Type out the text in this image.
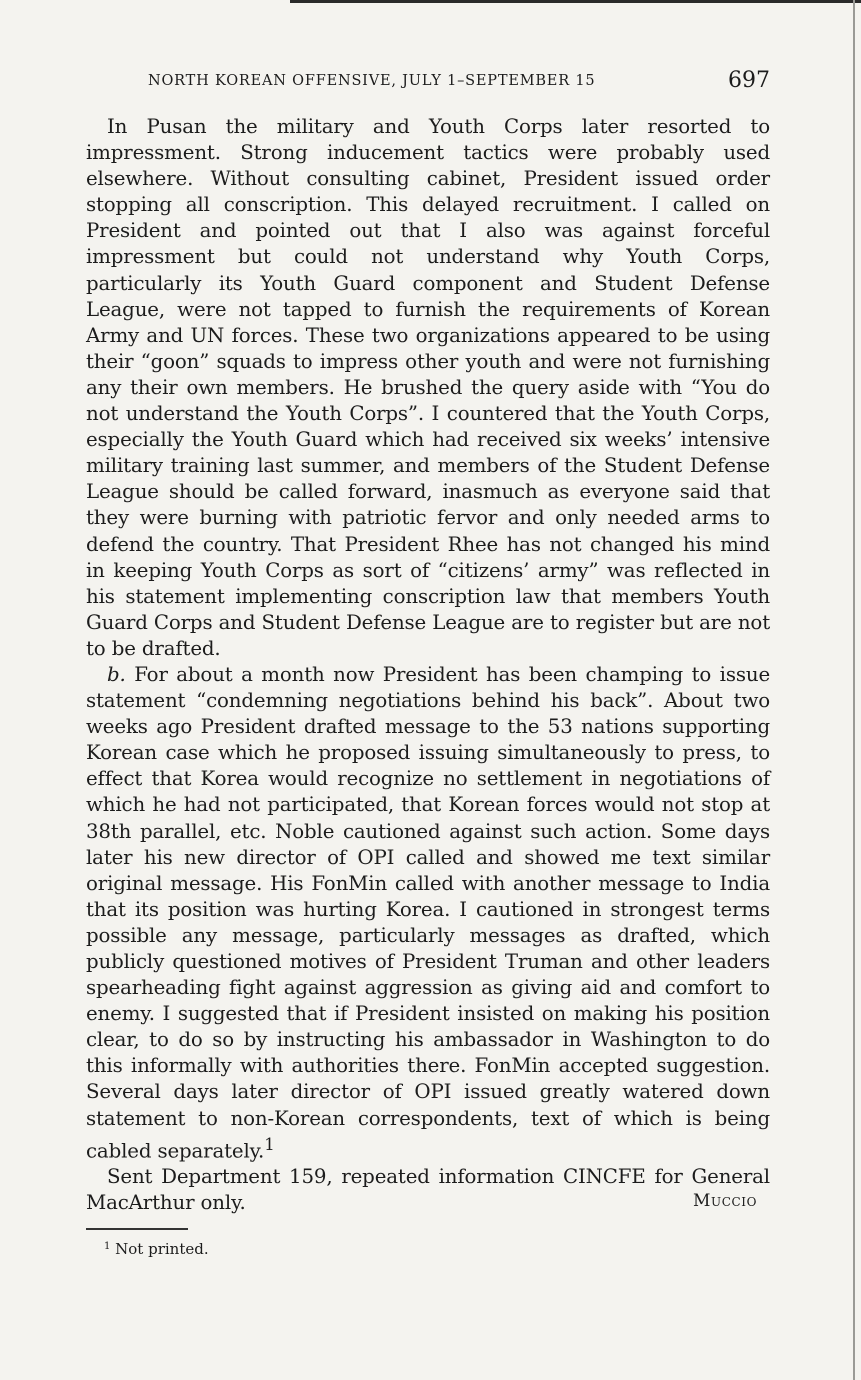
NORTH KOREAN OFFENSIVE, JULY 1–SEPTEMBER 15	697

In Pusan the military and Youth Corps later resorted to impressment. Strong inducement tactics were probably used elsewhere. Without consulting cabinet, President issued order stopping all conscription. This delayed recruitment. I called on President and pointed out that I also was against forceful impressment but could not understand why Youth Corps, particularly its Youth Guard component and Student Defense League, were not tapped to furnish the requirements of Korean Army and UN forces. These two organizations appeared to be using their “goon” squads to impress other youth and were not furnishing any their own members. He brushed the query aside with “You do not understand the Youth Corps”. I countered that the Youth Corps, especially the Youth Guard which had received six weeks’ intensive military training last summer, and members of the Student Defense League should be called forward, inasmuch as everyone said that they were burning with patriotic fervor and only needed arms to defend the country. That President Rhee has not changed his mind in keeping Youth Corps as sort of “citizens’ army” was reflected in his statement implementing conscription law that members Youth Guard Corps and Student Defense League are to register but are not to be drafted.

b. For about a month now President has been champing to issue statement “condemning negotiations behind his back”. About two weeks ago President drafted message to the 53 nations supporting Korean case which he proposed issuing simultaneously to press, to effect that Korea would recognize no settlement in negotiations of which he had not participated, that Korean forces would not stop at 38th parallel, etc. Noble cautioned against such action. Some days later his new director of OPI called and showed me text similar original message. His FonMin called with another message to India that its position was hurting Korea. I cautioned in strongest terms possible any message, particularly messages as drafted, which publicly questioned motives of President Truman and other leaders spearheading fight against aggression as giving aid and comfort to enemy. I suggested that if President insisted on making his position clear, to do so by instructing his ambassador in Washington to do this informally with authorities there. FonMin accepted suggestion. Several days later director of OPI issued greatly watered down statement to non-Korean correspondents, text of which is being cabled separately.$^1$

Sent Department 159, repeated information CINCFE for General MacArthur only.	Muccio
$^1$ Not printed.
